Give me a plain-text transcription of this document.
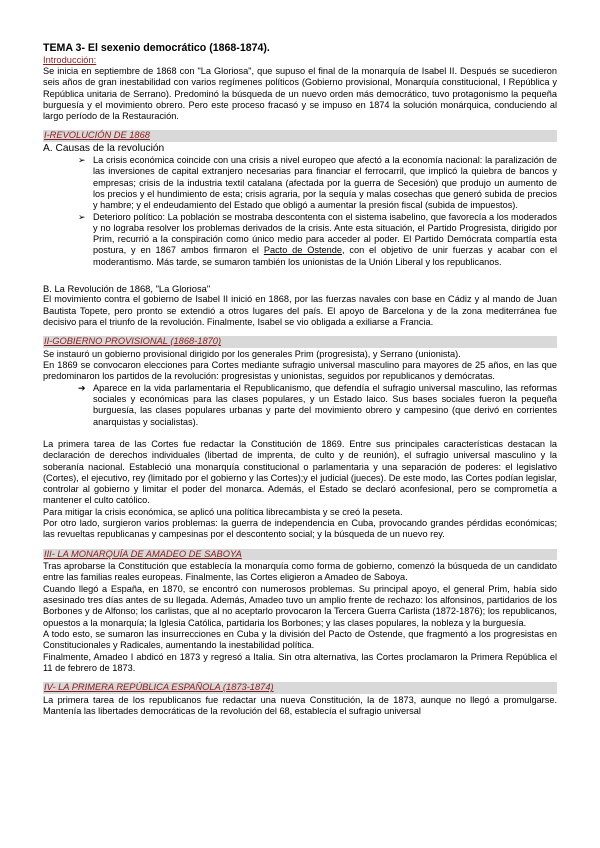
TEMA 3- El sexenio democrático (1868-1874).
Introducción:

Se inicia en septiembre de 1868 con "La Gloriosa", que supuso el final de la monarquía de Isabel II. Después se sucedieron seis años de gran inestabilidad con varios regímenes políticos (Gobierno provisional, Monarquía constitucional, I República y República unitaria de Serrano). Predominó la búsqueda de un nuevo orden más democrático, tuvo protagonismo la pequeña burguesía y el movimiento obrero. Pero este proceso fracasó y se impuso en 1874 la solución monárquica, conduciendo al largo período de la Restauración.

I-REVOLUCIÓN DE 1868
A. Causas de la revolución
➢ La crisis económica coincide con una crisis a nivel europeo que afectó a la economía nacional: la paralización de las inversiones de capital extranjero necesarias para financiar el ferrocarril, que implicó la quiebra de bancos y empresas; crisis de la industria textil catalana (afectada por la guerra de Secesión) que produjo un aumento de los precios y el hundimiento de esta; crisis agraria, por la sequía y malas cosechas que generó subida de precios y hambre; y el endeudamiento del Estado que obligó a aumentar la presión fiscal (subida de impuestos).
➢ Deterioro político: La población se mostraba descontenta con el sistema isabelino, que favorecía a los moderados y no lograba resolver los problemas derivados de la crisis. Ante esta situación, el Partido Progresista, dirigido por Prim, recurrió a la conspiración como único medio para acceder al poder. El Partido Demócrata compartía esta postura, y en 1867 ambos firmaron el Pacto de Ostende, con el objetivo de unir fuerzas y acabar con el moderantismo. Más tarde, se sumaron también los unionistas de la Unión Liberal y los republicanos.
B. La Revolución de 1868, "La Gloriosa"

El movimiento contra el gobierno de Isabel II inició en 1868, por las fuerzas navales con base en Cádiz y al mando de Juan Bautista Topete, pero pronto se extendió a otros lugares del país. El apoyo de Barcelona y de la zona mediterránea fue decisivo para el triunfo de la revolución. Finalmente, Isabel se vio obligada a exiliarse a Francia.

II-GOBIERNO PROVISIONAL (1868-1870)

Se instauró un gobierno provisional dirigido por los generales Prim (progresista), y Serrano (unionista).

En 1869 se convocaron elecciones para Cortes mediante sufragio universal masculino para mayores de 25 años, en las que predominaron los partidos de la revolución: progresistas y unionistas, seguidos por republicanos y demócratas.

➔ Aparece en la vida parlamentaria el Republicanismo, que defendía el sufragio universal masculino, las reformas sociales y económicas para las clases populares, y un Estado laico. Sus bases sociales fueron la pequeña burguesía, las clases populares urbanas y parte del movimiento obrero y campesino (que derivó en corrientes anarquistas y socialistas).

La primera tarea de las Cortes fue redactar la Constitución de 1869. Entre sus principales características destacan la declaración de derechos individuales (libertad de imprenta, de culto y de reunión), el sufragio universal masculino y la soberanía nacional. Estableció una monarquía constitucional o parlamentaria y una separación de poderes: el legislativo (Cortes), el ejecutivo, rey (limitado por el gobierno y las Cortes);y el judicial (jueces). De este modo, las Cortes podían legislar, controlar al gobierno y limitar el poder del monarca. Además, el Estado se declaró aconfesional, pero se comprometía a mantener el culto católico.

Para mitigar la crisis económica, se aplicó una política librecambista y se creó la peseta.

Por otro lado, surgieron varios problemas: la guerra de independencia en Cuba, provocando grandes pérdidas económicas; las revueltas republicanas y campesinas por el descontento social; y la búsqueda de un nuevo rey.

III- LA MONARQUÍA DE AMADEO DE SABOYA

Tras aprobarse la Constitución que establecía la monarquía como forma de gobierno, comenzó la búsqueda de un candidato entre las familias reales europeas. Finalmente, las Cortes eligieron a Amadeo de Saboya.

Cuando llegó a España, en 1870, se encontró con numerosos problemas. Su principal apoyo, el general Prim, había sido asesinado tres días antes de su llegada. Además, Amadeo tuvo un amplio frente de rechazo: los alfonsinos, partidarios de los Borbones y de Alfonso; los carlistas, que al no aceptarlo provocaron la Tercera Guerra Carlista (1872-1876); los republicanos, opuestos a la monarquía; la Iglesia Católica, partidaria los Borbones; y las clases populares, la nobleza y la burguesía.

A todo esto, se sumaron las insurrecciones en Cuba y la división del Pacto de Ostende, que fragmentó a los progresistas en Constitucionales y Radicales, aumentando la inestabilidad política.

Finalmente, Amadeo I abdicó en 1873 y regresó a Italia. Sin otra alternativa, las Cortes proclamaron la Primera República el 11 de febrero de 1873.

IV- LA PRIMERA REPÚBLICA ESPAÑOLA (1873-1874)

La primera tarea de los republicanos fue redactar una nueva Constitución, la de 1873, aunque no llegó a promulgarse. Mantenía las libertades democráticas de la revolución del 68, establecía el sufragio universal
